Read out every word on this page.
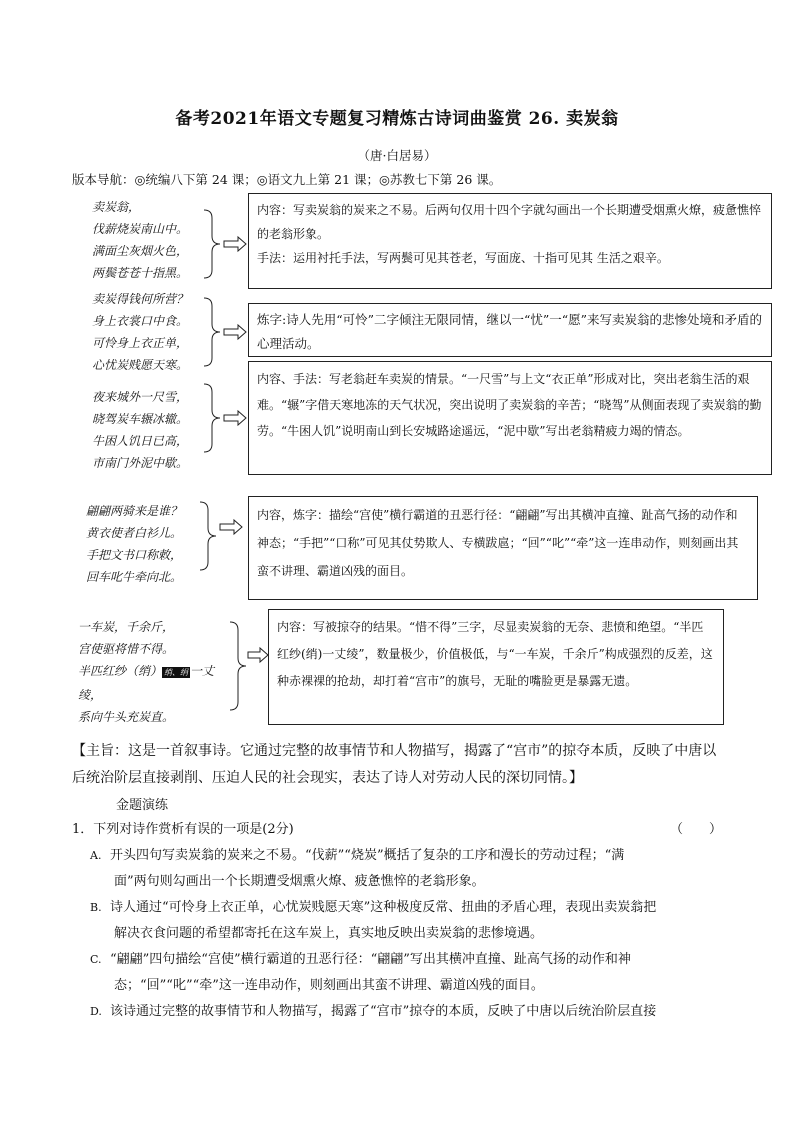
备考2021年语文专题复习精炼古诗词曲鉴赏 26. 卖炭翁
（唐·白居易）
版本导航：◎统编八下第 24 课；◎语文九上第 21 课；◎苏教七下第 26 课。
卖炭翁，
伐薪烧炭南山中。
满面尘灰烟火色，
两鬓苍苍十指黑。

内容：写卖炭翁的炭来之不易。后两句仅用十四个字就勾画出一个长期遭受烟熏火燎，疲惫憔悴的老翁形象。

手法：运用衬托手法，写两鬓可见其苍老，写面庞、十指可见其 生活之艰辛。

卖炭得钱何所营？
身上衣裳口中食。
可怜身上衣正单，
心忧炭贱愿天寒。

炼字:诗人先用“可怜”二字倾注无限同情，继以一“忧”一“愿”来写卖炭翁的悲惨处境和矛盾的心理活动。

夜来城外一尺雪，
晓驾炭车辗冰辙。
牛困人饥日已高，
市南门外泥中歇。

内容、手法：写老翁赶车卖炭的情景。“一尺雪”与上文“衣正单”形成对比，突出老翁生活的艰难。“辗”字借天寒地冻的天气状况，突出说明了卖炭翁的辛苦；“晓驾”从侧面表现了卖炭翁的勤劳。“牛困人饥”说明南山到长安城路途遥远，“泥中歇”写出老翁精疲力竭的情态。

翩翩两骑来是谁？
黄衣使者白衫儿。
手把文书口称敕，
回车叱牛牵向北。

内容，炼字：描绘“宫使”横行霸道的丑恶行径：“翩翩”写出其横冲直撞、趾高气扬的动作和神态；“手把”“口称”可见其仗势欺人、专横跋扈；“回”“叱”“牵”这一连串动作，则刻画出其蛮不讲理、霸道凶残的面目。

一车炭，千余斤，
宫使驱将惜不得。
半匹红纱（绡） 绡、绢 一丈
绫，
系向牛头充炭直。

内容：写被掠夺的结果。“惜不得”三字，尽显卖炭翁的无奈、悲愤和绝望。“半匹红纱(绡)一丈绫”，数量极少，价值极低，与“一车炭，千余斤”构成强烈的反差，这种赤裸裸的抢劫，却打着“宫市”的旗号，无耻的嘴脸更是暴露无遗。

【主旨：这是一首叙事诗。它通过完整的故事情节和人物描写，揭露了“宫市”的掠夺本质，反映了中唐以后统治阶层直接剥削、压迫人民的社会现实，表达了诗人对劳动人民的深切同情。】
金题演练
1．下列对诗作赏析有误的一项是(2分)	（　　）
A. 开头四句写卖炭翁的炭来之不易。“伐薪”“烧炭”概括了复杂的工序和漫长的劳动过程；“满
面”两句则勾画出一个长期遭受烟熏火燎、疲惫憔悴的老翁形象。
B. 诗人通过“可怜身上衣正单，心忧炭贱愿天寒”这种极度反常、扭曲的矛盾心理，表现出卖炭翁把
解决衣食问题的希望都寄托在这车炭上，真实地反映出卖炭翁的悲惨境遇。
C. “翩翩”四句描绘“宫使”横行霸道的丑恶行径：“翩翩”写出其横冲直撞、趾高气扬的动作和神
态；“回”“叱”“牵”这一连串动作，则刻画出其蛮不讲理、霸道凶残的面目。
D. 该诗通过完整的故事情节和人物描写，揭露了“宫市”掠夺的本质，反映了中唐以后统治阶层直接
